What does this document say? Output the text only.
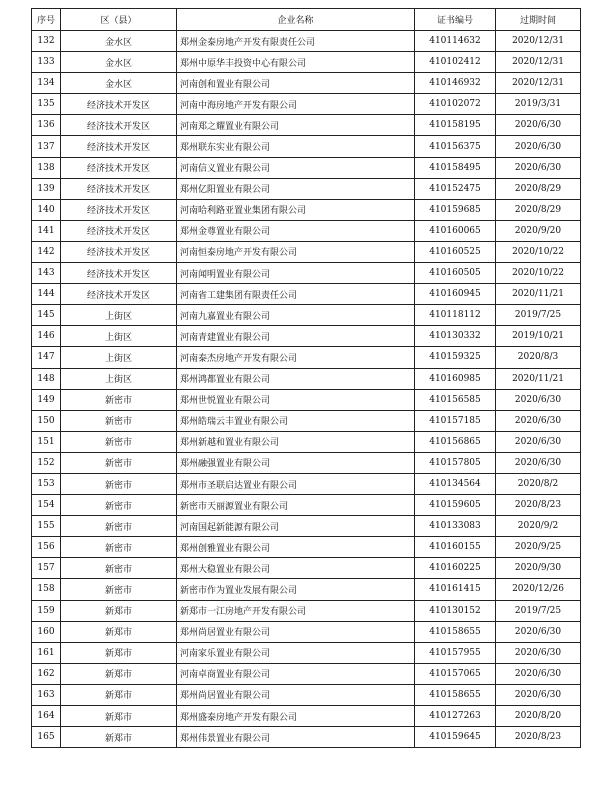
序号	区（县）	企业名称	证书编号	过期时间
132	金水区	郑州金泰房地产开发有限责任公司	410114632	2020/12/31
133	金水区	郑州中原华丰投资中心有限公司	410102412	2020/12/31
134	金水区	河南创和置业有限公司	410146932	2020/12/31
135	经济技术开发区	河南中海房地产开发有限公司	410102072	2019/3/31
136	经济技术开发区	河南郑之耀置业有限公司	410158195	2020/6/30
137	经济技术开发区	郑州联东实业有限公司	410156375	2020/6/30
138	经济技术开发区	河南信义置业有限公司	410158495	2020/6/30
139	经济技术开发区	郑州亿阳置业有限公司	410152475	2020/8/29
140	经济技术开发区	河南哈利路亚置业集团有限公司	410159685	2020/8/29
141	经济技术开发区	郑州金尊置业有限公司	410160065	2020/9/20
142	经济技术开发区	河南恒泰房地产开发有限公司	410160525	2020/10/22
143	经济技术开发区	河南闻明置业有限公司	410160505	2020/10/22
144	经济技术开发区	河南省工建集团有限责任公司	410160945	2020/11/21
145	上街区	河南九嘉置业有限公司	410118112	2019/7/25
146	上街区	河南青建置业有限公司	410130332	2019/10/21
147	上街区	河南泰杰房地产开发有限公司	410159325	2020/8/3
148	上街区	郑州鸿都置业有限公司	410160985	2020/11/21
149	新密市	郑州世悦置业有限公司	410156585	2020/6/30
150	新密市	郑州皓瑞云丰置业有限公司	410157185	2020/6/30
151	新密市	郑州新越和置业有限公司	410156865	2020/6/30
152	新密市	郑州融强置业有限公司	410157805	2020/6/30
153	新密市	郑州市圣联启达置业有限公司	410134564	2020/8/2
154	新密市	新密市天丽源置业有限公司	410159605	2020/8/23
155	新密市	河南国起新能源有限公司	410133083	2020/9/2
156	新密市	郑州创雅置业有限公司	410160155	2020/9/25
157	新密市	郑州大稳置业有限公司	410160225	2020/9/30
158	新密市	新密市作为置业发展有限公司	410161415	2020/12/26
159	新郑市	新郑市一江房地产开发有限公司	410130152	2019/7/25
160	新郑市	郑州尚居置业有限公司	410158655	2020/6/30
161	新郑市	河南家乐置业有限公司	410157955	2020/6/30
162	新郑市	河南卓商置业有限公司	410157065	2020/6/30
163	新郑市	郑州尚居置业有限公司	410158655	2020/6/30
164	新郑市	郑州盛泰房地产开发有限公司	410127263	2020/8/20
165	新郑市	郑州伟景置业有限公司	410159645	2020/8/23
